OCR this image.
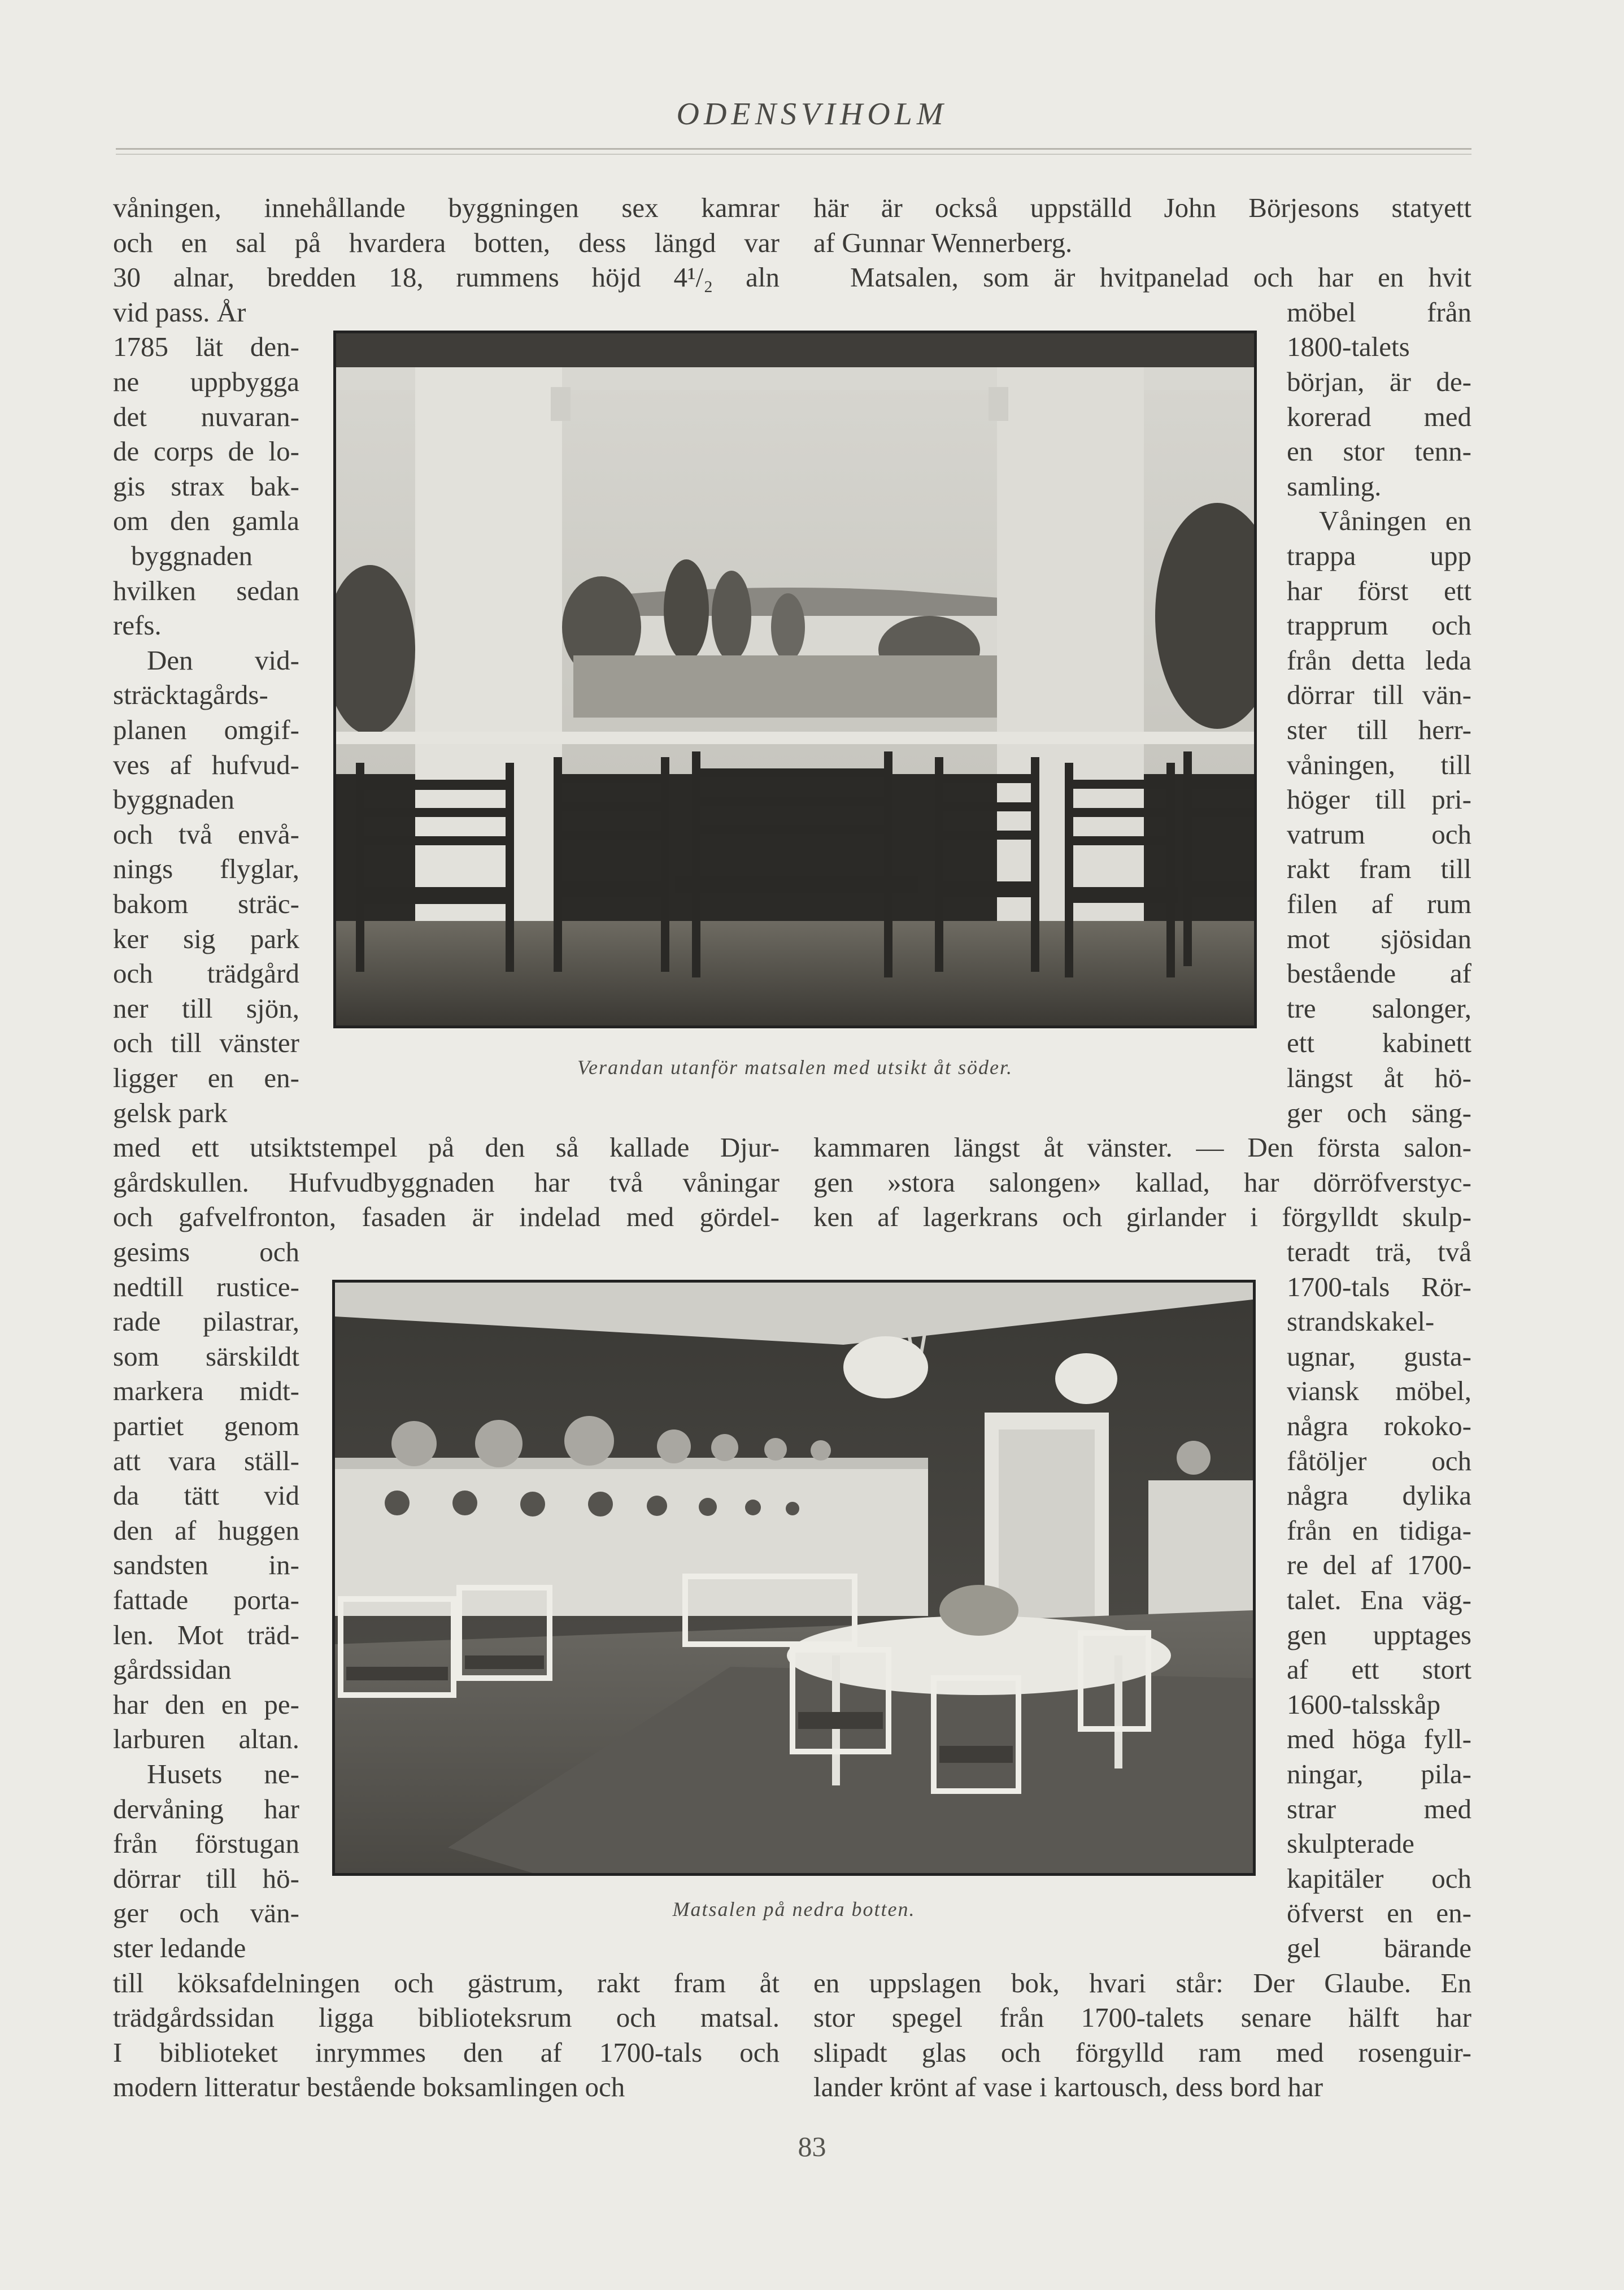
ODENSVIHOLM
våningen, innehållande byggningen sex kamrar
och en sal på hvardera botten, dess längd var
30 alnar, bredden 18, rummens höjd 4¹/₂ aln
vid pass. År
1785 lät den-
ne uppbygga
det nuvaran-
de corps de lo-
gis strax bak-
om den gamla
byggnaden
hvilken sedan
refs.
Den vid-
sträcktagårds-
planen omgif-
ves af hufvud-
byggnaden
och två envå-
nings flyglar,
bakom sträc-
ker sig park
och trädgård
ner till sjön,
och till vänster
ligger en en-
gelsk park
med ett utsiktstempel på den så kallade Djur-
gårdskullen. Hufvudbyggnaden har två våningar
och gafvelfronton, fasaden är indelad med gördel-
gesims och
nedtill rustice-
rade pilastrar,
som särskildt
markera midt-
partiet genom
att vara ställ-
da tätt vid
den af huggen
sandsten in-
fattade porta-
len. Mot träd-
gårdssidan
har den en pe-
larburen altan.
Husets ne-
dervåning har
från förstugan
dörrar till hö-
ger och vän-
ster ledande
till köksafdelningen och gästrum, rakt fram åt
trädgårdssidan ligga biblioteksrum och matsal.
I biblioteket inrymmes den af 1700-tals och
modern litteratur bestående boksamlingen och
här är också uppställd John Börjesons statyett
af Gunnar Wennerberg.
Matsalen, som är hvitpanelad och har en hvit
möbel från
1800-talets
början, är de-
korerad med
en stor tenn-
samling.
Våningen en
trappa upp
har först ett
trapprum och
från detta leda
dörrar till vän-
ster till herr-
våningen, till
höger till pri-
vatrum och
rakt fram till
filen af rum
mot sjösidan
bestående af
tre salonger,
ett kabinett
längst åt hö-
ger och säng-
kammaren längst åt vänster. — Den första salon-
gen »stora salongen» kallad, har dörröfverstyc-
ken af lagerkrans och girlander i förgylldt skulp-
teradt trä, två
1700-tals Rör-
strandskakel-
ugnar, gusta-
viansk möbel,
några rokoko-
fåtöljer och
några dylika
från en tidiga-
re del af 1700-
talet. Ena väg-
gen upptages
af ett stort
1600-talsskåp
med höga fyll-
ningar, pila-
strar med
skulpterade
kapitäler och
öfverst en en-
gel bärande
en uppslagen bok, hvari står: Der Glaube. En
stor spegel från 1700-talets senare hälft har
slipadt glas och förgylld ram med rosenguir-
lander krönt af vase i kartousch, dess bord har
Verandan utanför matsalen med utsikt åt söder.
Matsalen på nedra botten.
83
